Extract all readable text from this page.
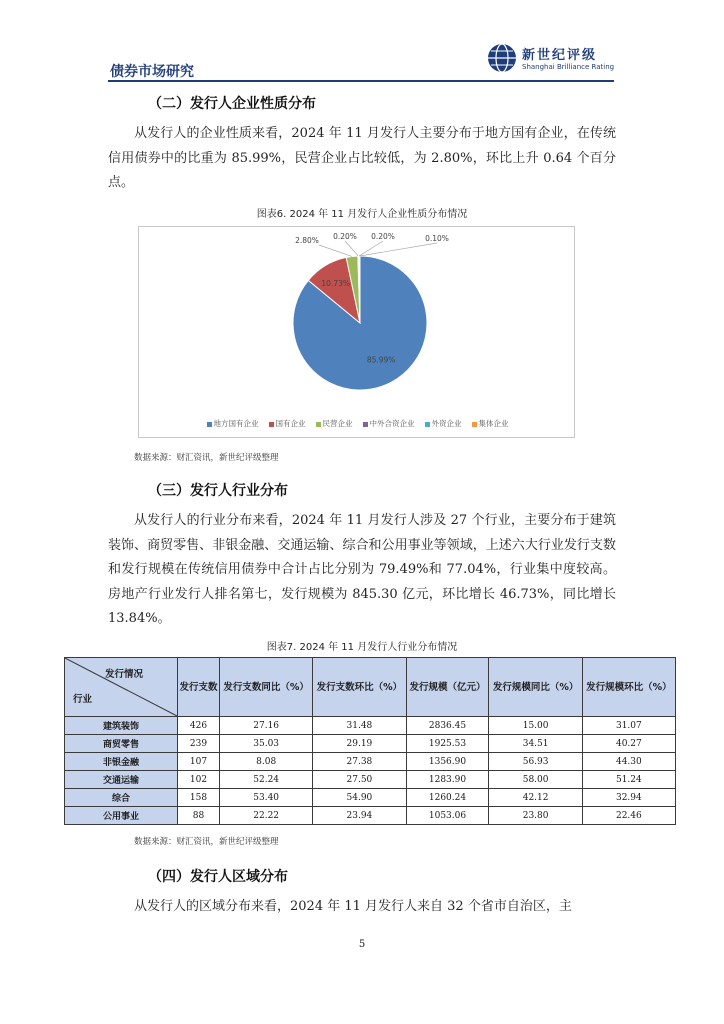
债券市场研究
新世纪评级
Shanghai Brilliance Rating
（二）发行人企业性质分布
从发行人的企业性质来看，2024 年 11 月发行人主要分布于地方国有企业，在传统信用债券中的比重为 85.99%，民营企业占比较低，为 2.80%，环比上升 0.64 个百分点。
图表6. 2024 年 11 月发行人企业性质分布情况
85.99%
10.73%
2.80% 0.20% 0.20%	0.10%
地方国有企业 国有企业 民营企业 中外合资企业 外资企业 集体企业
数据来源：财汇资讯，新世纪评级整理
（三）发行人行业分布
从发行人的行业分布来看，2024 年 11 月发行人涉及 27 个行业，主要分布于建筑装饰、商贸零售、非银金融、交通运输、综合和公用事业等领域，上述六大行业发行支数和发行规模在传统信用债券中合计占比分别为 79.49%和 77.04%，行业集中度较高。房地产行业发行人排名第七，发行规模为 845.30 亿元，环比增长 46.73%，同比增长 13.84%。
图表7. 2024 年 11 月发行人行业分布情况
发行情况
行业	发行支数	发行支数同比（%）	发行支数环比（%）	发行规模（亿元）	发行规模同比（%）	发行规模环比（%）
建筑装饰	426	27.16	31.48	2836.45	15.00	31.07
商贸零售	239	35.03	29.19	1925.53	34.51	40.27
非银金融	107	8.08	27.38	1356.90	56.93	44.30
交通运输	102	52.24	27.50	1283.90	58.00	51.24
综合	158	53.40	54.90	1260.24	42.12	32.94
公用事业	88	22.22	23.94	1053.06	23.80	22.46
数据来源：财汇资讯，新世纪评级整理
（四）发行人区域分布
从发行人的区域分布来看，2024 年 11 月发行人来自 32 个省市自治区，主
5
